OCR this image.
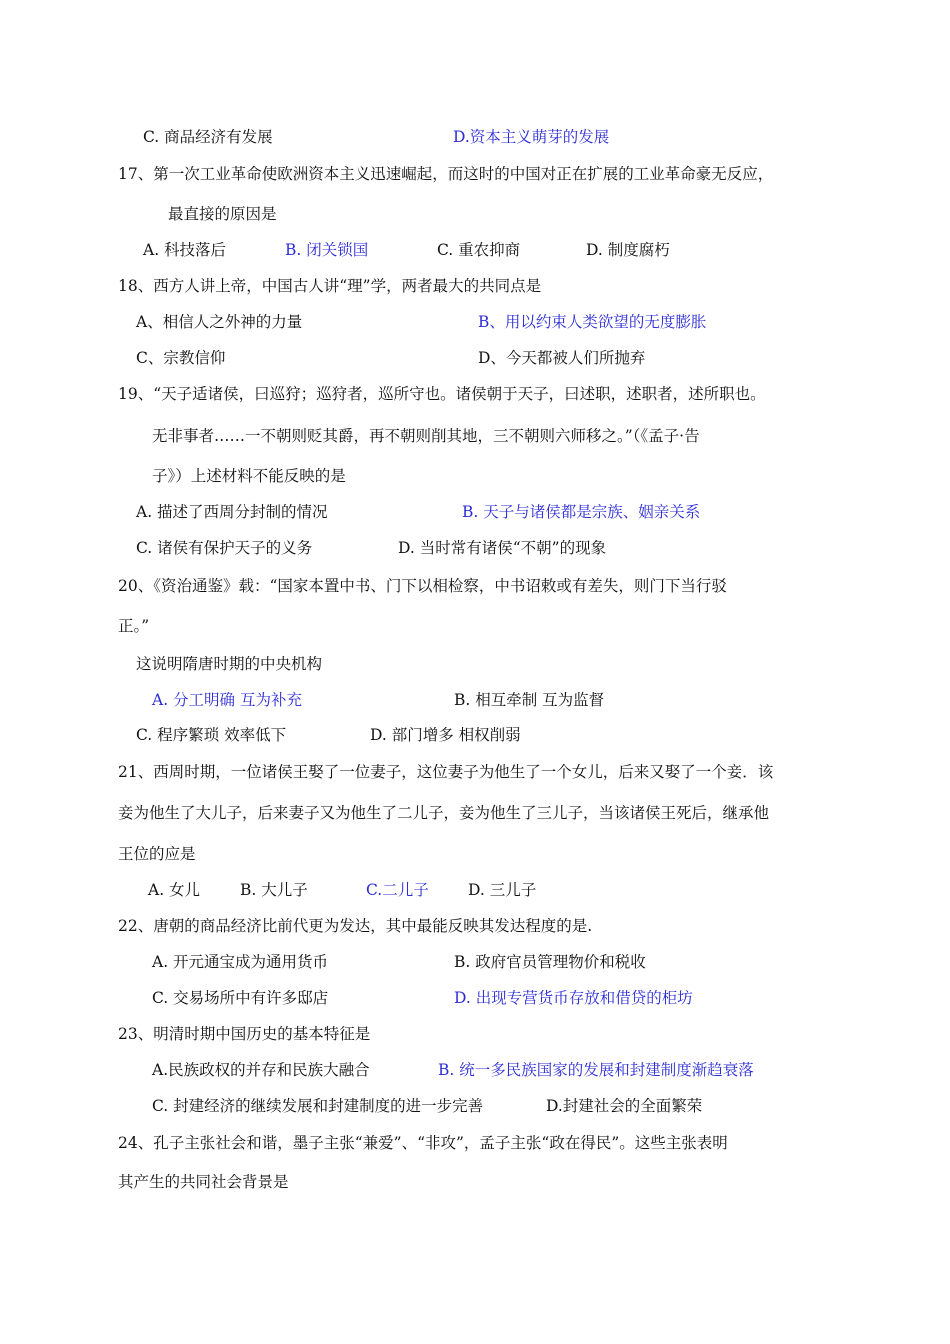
C. 商品经济有发展	D.资本主义萌芽的发展
17、第一次工业革命使欧洲资本主义迅速崛起，而这时的中国对正在扩展的工业革命豪无反应，
最直接的原因是
A. 科技落后	B. 闭关锁国	C. 重农抑商	D. 制度腐朽
18、西方人讲上帝，中国古人讲“理”学，两者最大的共同点是
A、相信人之外神的力量	B、用以约束人类欲望的无度膨胀
C、宗教信仰	D、今天都被人们所抛弃
19、“天子适诸侯，曰巡狩；巡狩者，巡所守也。诸侯朝于天子，曰述职，述职者，述所职也。
无非事者……一不朝则贬其爵，再不朝则削其地，三不朝则六师移之。”（《孟子·告
子》）上述材料不能反映的是
A. 描述了西周分封制的情况	B. 天子与诸侯都是宗族、姻亲关系
C. 诸侯有保护天子的义务	D. 当时常有诸侯“不朝”的现象
20、《资治通鉴》载：“国家本置中书、门下以相检察，中书诏敕或有差失，则门下当行驳
正。”
这说明隋唐时期的中央机构
A. 分工明确 互为补充	B. 相互牵制 互为监督
C. 程序繁琐 效率低下	D. 部门增多 相权削弱
21、西周时期，一位诸侯王娶了一位妻子，这位妻子为他生了一个女儿，后来又娶了一个妾．该
妾为他生了大儿子，后来妻子又为他生了二儿子，妾为他生了三儿子，当该诸侯王死后，继承他
王位的应是
A. 女儿	B. 大儿子	C.二儿子	D. 三儿子
22、唐朝的商品经济比前代更为发达，其中最能反映其发达程度的是.
A. 开元通宝成为通用货币	B. 政府官员管理物价和税收
C. 交易场所中有许多邸店	D. 出现专营货币存放和借贷的柜坊
23、明清时期中国历史的基本特征是
A.民族政权的并存和民族大融合	B. 统一多民族国家的发展和封建制度渐趋衰落
C. 封建经济的继续发展和封建制度的进一步完善	D.封建社会的全面繁荣
24、孔子主张社会和谐，墨子主张“兼爱”、“非攻”，孟子主张“政在得民”。这些主张表明
其产生的共同社会背景是
